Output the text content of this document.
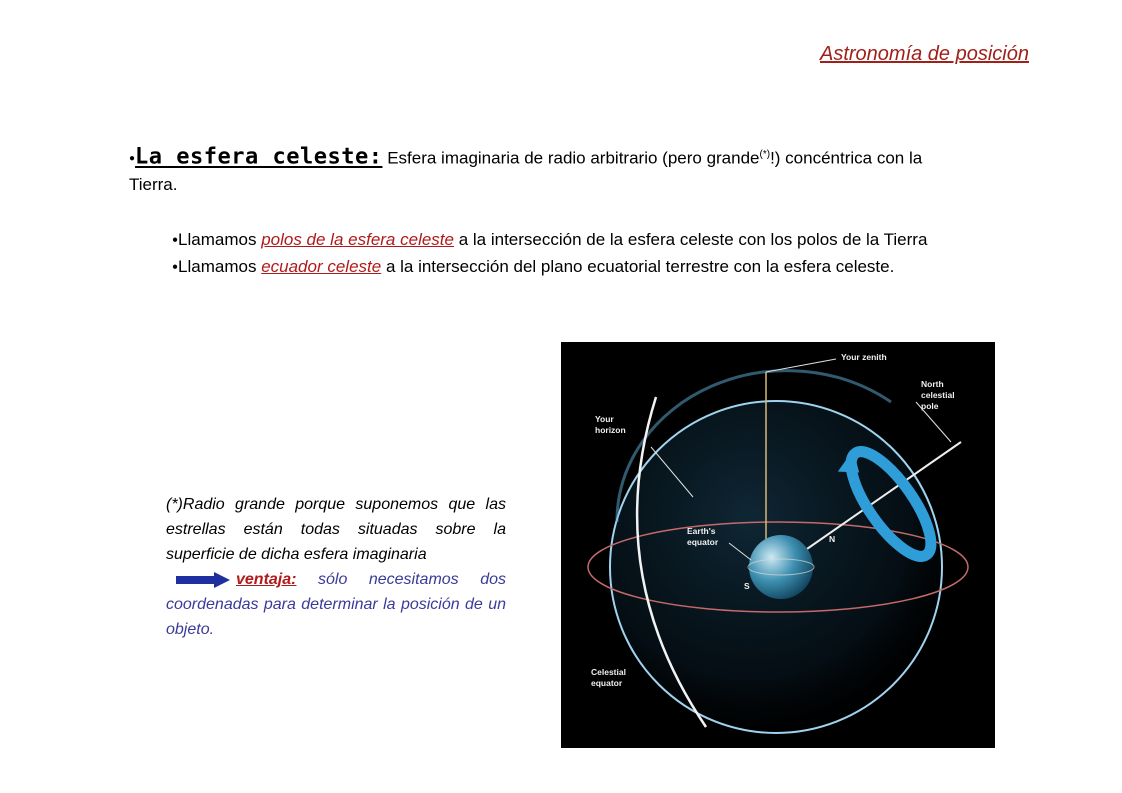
Astronomía de posición
●La esfera celeste: Esfera imaginaria de radio arbitrario (pero grande(*)!) concéntrica con la Tierra.

●Llamamos polos de la esfera celeste a la intersección de la esfera celeste con los polos de la Tierra

●Llamamos ecuador celeste a la intersección del plano ecuatorial terrestre con la esfera celeste.

(*)Radio grande porque suponemos que las estrellas están todas situadas sobre la superficie de dicha esfera imaginaria

ventaja: sólo necesitamos dos coordenadas para determinar la posición de un objeto.

Your zenith
North
celestial
pole
Your
horizon
Earth's
equator	N
S
Celestial
equator
